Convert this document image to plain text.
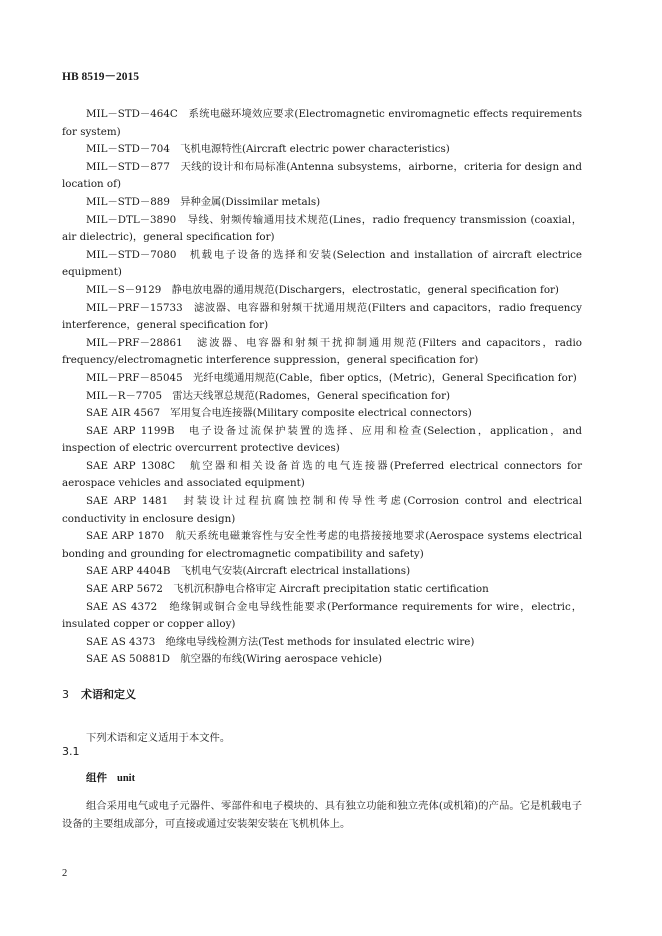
HB 8519－2015

MIL－STD－464C　系统电磁环境效应要求(Electromagnetic enviromagnetic effects requirements for system)

MIL－STD－704　飞机电源特性(Aircraft electric power characteristics)

MIL－STD－877　天线的设计和布局标准(Antenna subsystems，airborne，criteria for design and location of)

MIL－STD－889　异种金属(Dissimilar metals)

MIL－DTL－3890　导线、射频传输通用技术规范(Lines，radio frequency transmission (coaxial，air dielectric)，general specification for)

MIL－STD－7080　机载电子设备的选择和安装(Selection and installation of aircraft electrice equipment)

MIL－S－9129　静电放电器的通用规范(Dischargers，electrostatic，general specification for)

MIL－PRF－15733　滤波器、电容器和射频干扰通用规范(Filters and capacitors，radio frequency interference，general specification for)

MIL－PRF－28861　滤波器、电容器和射频干扰抑制通用规范(Filters and capacitors，radio frequency/electromagnetic interference suppression，general specification for)

MIL－PRF－85045　光纤电缆通用规范(Cable，fiber optics，(Metric)，General Specification for)

MIL－R－7705　雷达天线罩总规范(Radomes，General specification for)

SAE AIR 4567　军用复合电连接器(Military composite electrical connectors)

SAE ARP 1199B　电子设备过流保护装置的选择、应用和检查(Selection，application，and inspection of electric overcurrent protective devices)

SAE ARP 1308C　航空器和相关设备首选的电气连接器(Preferred electrical connectors for aerospace vehicles and associated equipment)

SAE ARP 1481　封装设计过程抗腐蚀控制和传导性考虑(Corrosion control and electrical conductivity in enclosure design)

SAE ARP 1870　航天系统电磁兼容性与安全性考虑的电搭接接地要求(Aerospace systems electrical bonding and grounding for electromagnetic compatibility and safety)

SAE ARP 4404B　飞机电气安装(Aircraft electrical installations)

SAE ARP 5672　飞机沉积静电合格审定 Aircraft precipitation static certification

SAE AS 4372　绝缘铜或铜合金电导线性能要求(Performance requirements for wire，electric，insulated copper or copper alloy)

SAE AS 4373　绝缘电导线检测方法(Test methods for insulated electric wire)

SAE AS 50881D　航空器的布线(Wiring aerospace vehicle)

3 术语和定义

下列术语和定义适用于本文件。

3.1
组件 unit

组合采用电气或电子元器件、零部件和电子模块的、具有独立功能和独立壳体(或机箱)的产品。它是机载电子设备的主要组成部分，可直接或通过安装架安装在飞机机体上。

2
